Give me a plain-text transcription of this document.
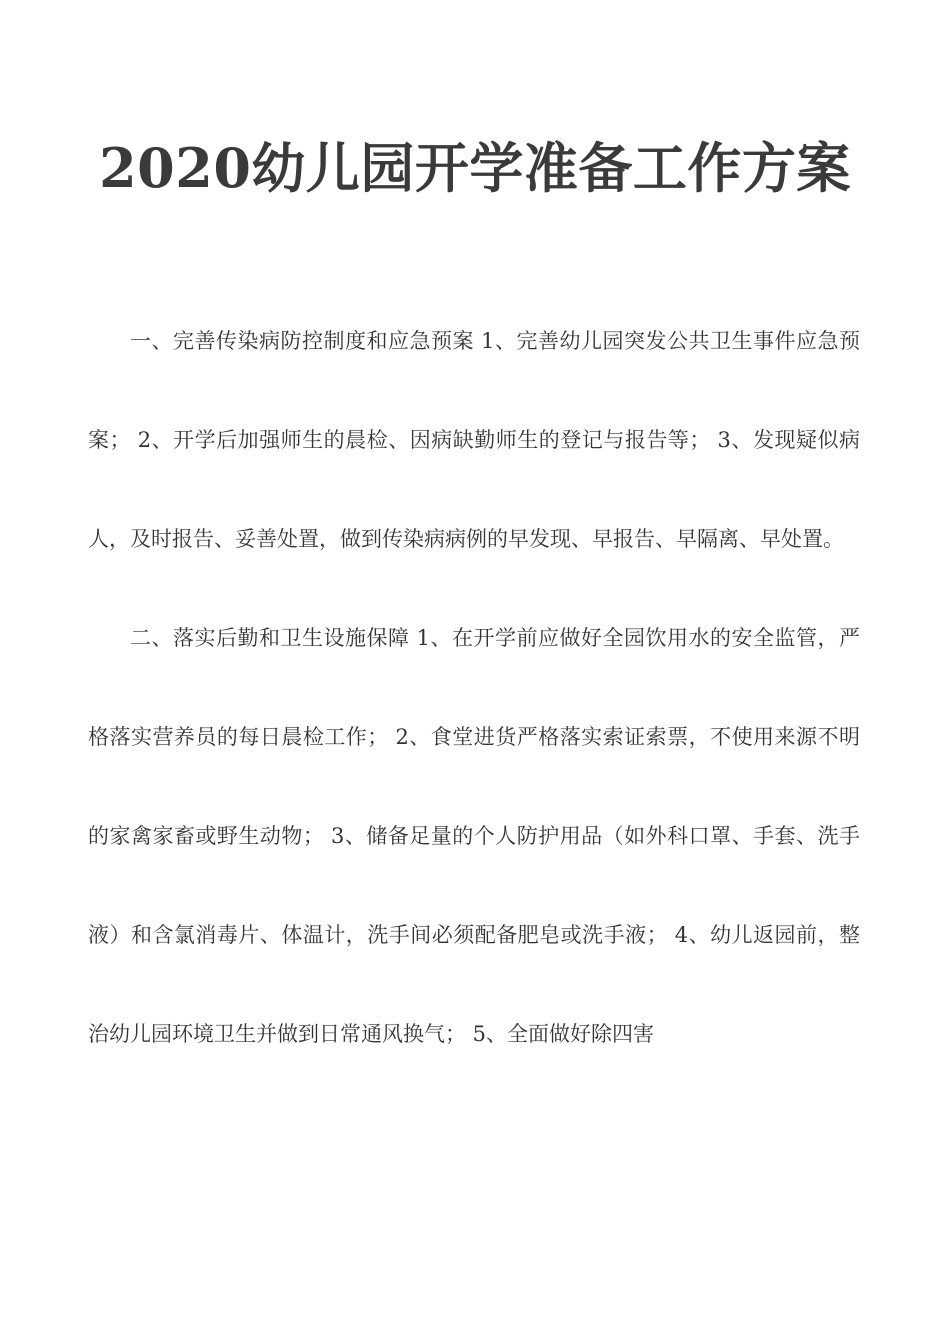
2020幼儿园开学准备工作方案

一、完善传染病防控制度和应急预案 1、完善幼儿园突发公共卫生事件应急预案； 2、开学后加强师生的晨检、因病缺勤师生的登记与报告等； 3、发现疑似病人，及时报告、妥善处置，做到传染病病例的早发现、早报告、早隔离、早处置。

二、落实后勤和卫生设施保障 1、在开学前应做好全园饮用水的安全监管，严格落实营养员的每日晨检工作； 2、食堂进货严格落实索证索票，不使用来源不明的家禽家畜或野生动物； 3、储备足量的个人防护用品（如外科口罩、手套、洗手液）和含氯消毒片、体温计，洗手间必须配备肥皂或洗手液； 4、幼儿返园前，整治幼儿园环境卫生并做到日常通风换气； 5、全面做好除四害
